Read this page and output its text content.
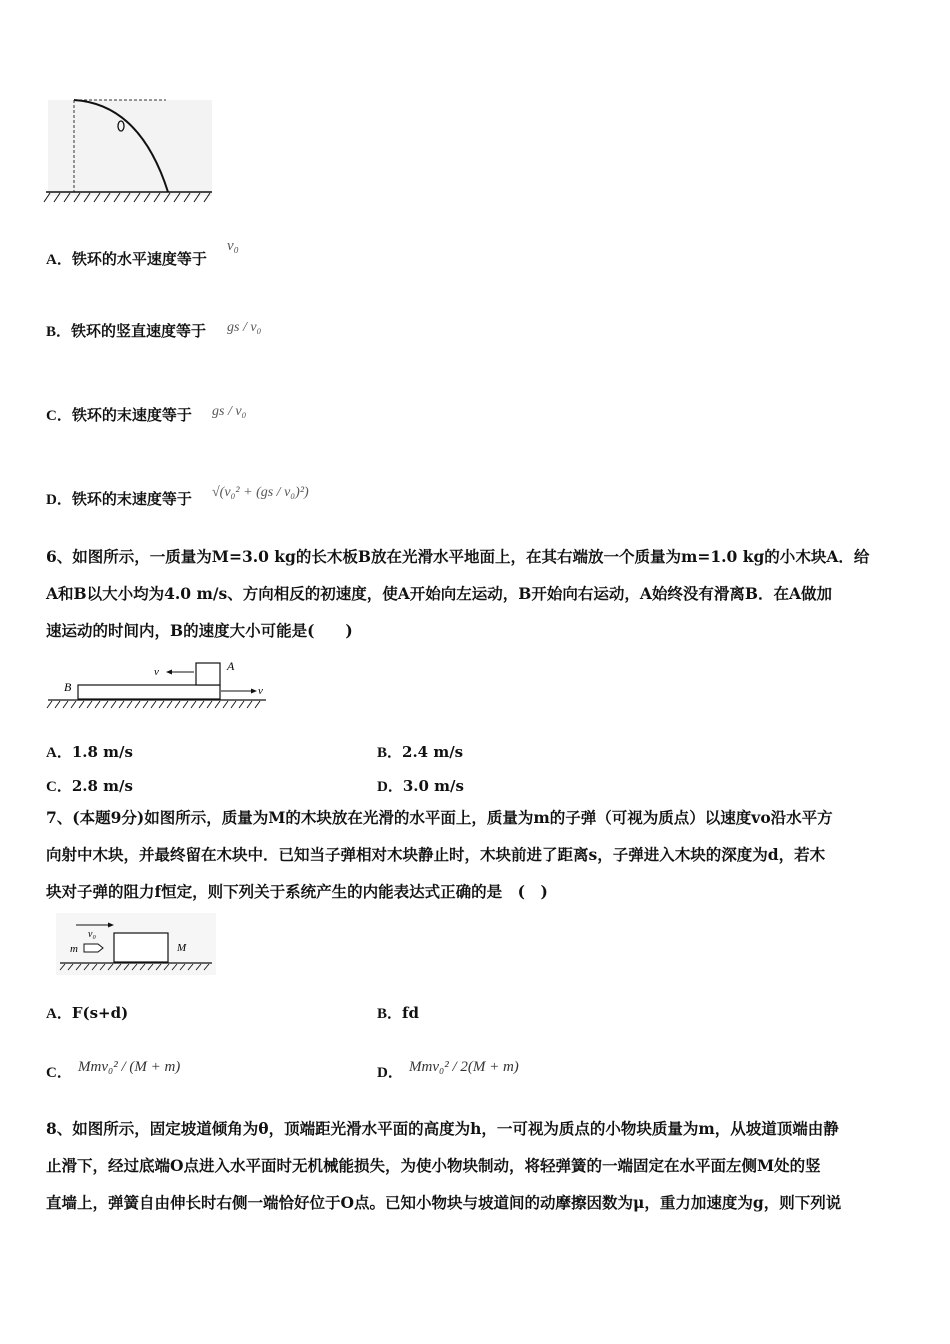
A．铁环的水平速度等于
v₀
B．铁环的竖直速度等于 gs / v₀
C．铁环的末速度等于 gs / v₀
D．铁环的末速度等于 √(v₀² + (gs / v₀)²)
6、如图所示，一质量为M=3.0 kg的长木板B放在光滑水平地面上，在其右端放一个质量为m=1.0 kg的小木块A．给
A和B以大小均为4.0 m/s、方向相反的初速度，使A开始向左运动，B开始向右运动，A始终没有滑离B．在A做加
速运动的时间内，B的速度大小可能是(　　)
A
B
v
v
A．1.8 m/s	B．2.4 m/s
C．2.8 m/s	D．3.0 m/s
7、(本题9分)如图所示，质量为M的木块放在光滑的水平面上，质量为m的子弹（可视为质点）以速度vo沿水平方
向射中木块，并最终留在木块中．已知当子弹相对木块静止时，木块前进了距离s，子弹进入木块的深度为d，若木
块对子弹的阻力f恒定，则下列关于系统产生的内能表达式正确的是　(　)
v₀
m	M
A．F(s+d)	B．fd
C． Mmv₀² / (M + m)	D． Mmv₀² / 2(M + m)
8、如图所示，固定坡道倾角为θ，顶端距光滑水平面的高度为h，一可视为质点的小物块质量为m，从坡道顶端由静
止滑下，经过底端O点进入水平面时无机械能损失，为使小物块制动，将轻弹簧的一端固定在水平面左侧M处的竖
直墙上，弹簧自由伸长时右侧一端恰好位于O点。已知小物块与坡道间的动摩擦因数为μ，重力加速度为g，则下列说
